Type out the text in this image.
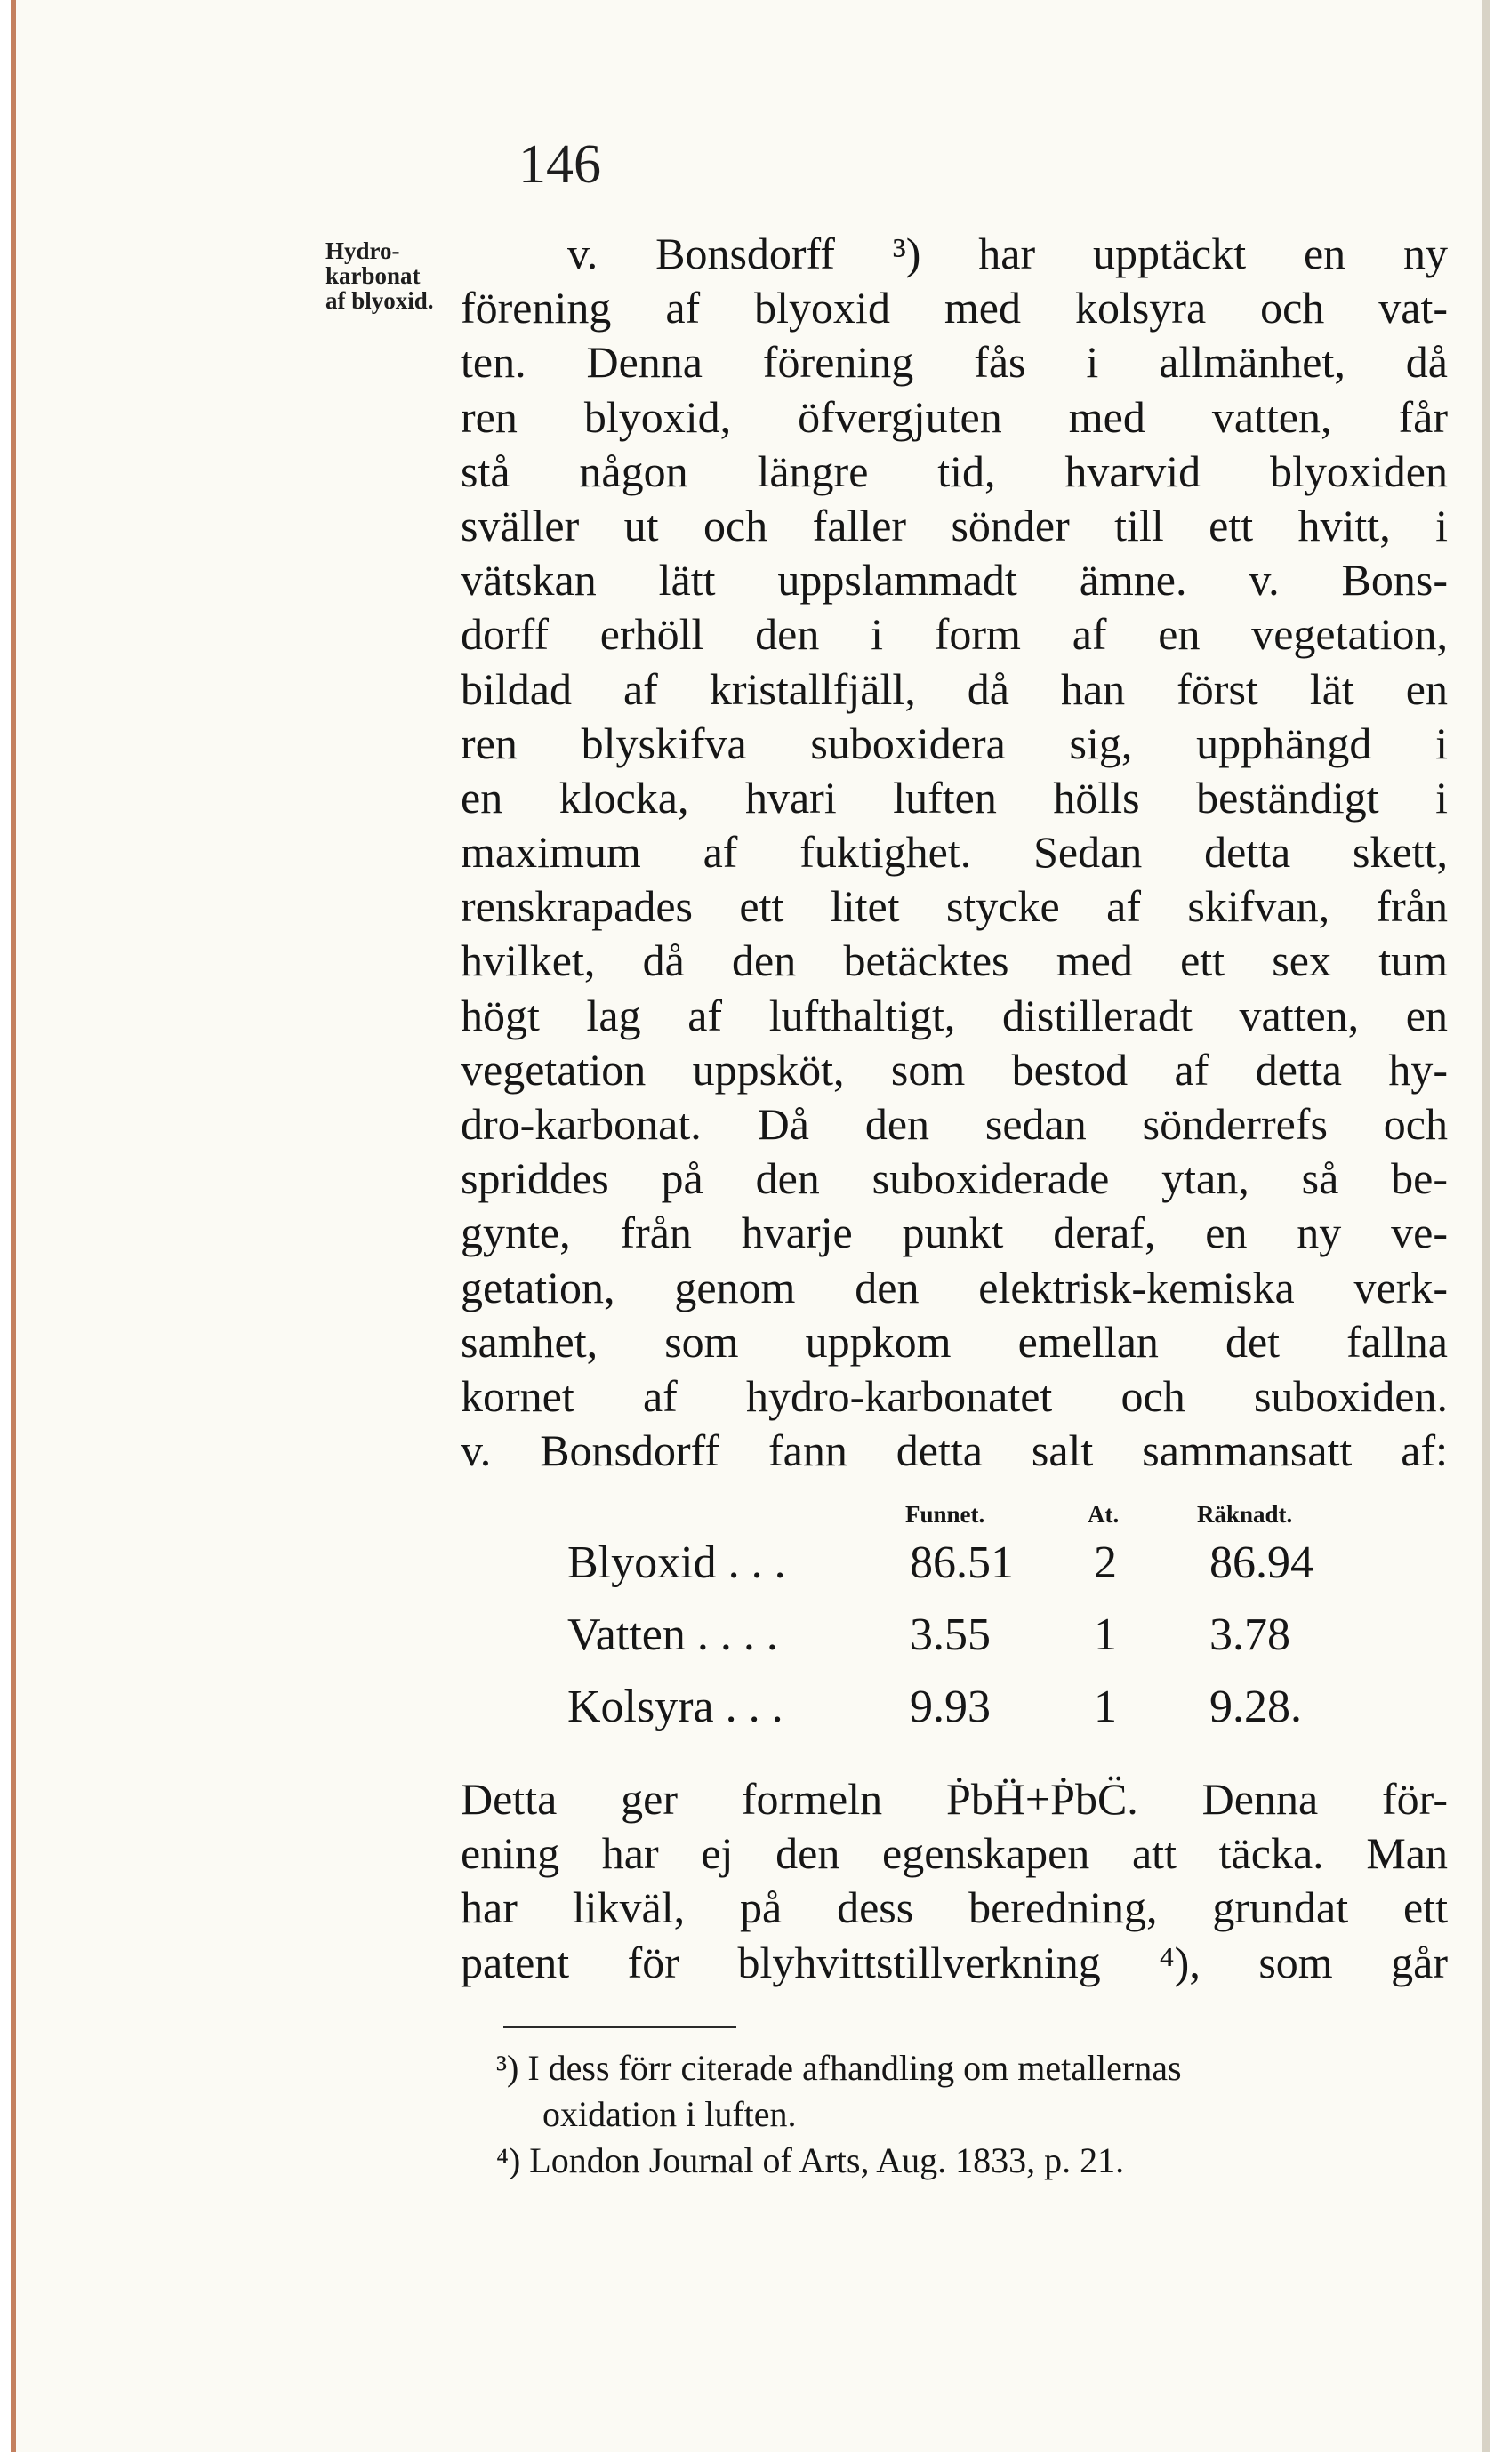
146
Hydro-
karbonat
af blyoxid.
v. Bonsdorff ³) har upptäckt en ny
förening af blyoxid med kolsyra och vat-
ten. Denna förening fås i allmänhet, då
ren blyoxid, öfvergjuten med vatten, får
stå någon längre tid, hvarvid blyoxiden
sväller ut och faller sönder till ett hvitt, i
vätskan lätt uppslammadt ämne. v. Bons-
dorff erhöll den i form af en vegetation,
bildad af kristallfjäll, då han först lät en
ren blyskifva suboxidera sig, upphängd i
en klocka, hvari luften hölls beständigt i
maximum af fuktighet. Sedan detta skett,
renskrapades ett litet stycke af skifvan, från
hvilket, då den betäcktes med ett sex tum
högt lag af lufthaltigt, distilleradt vatten, en
vegetation uppsköt, som bestod af detta hy-
dro-karbonat. Då den sedan sönderrefs och
spriddes på den suboxiderade ytan, så be-
gynte, från hvarje punkt deraf, en ny ve-
getation, genom den elektrisk-kemiska verk-
samhet, som uppkom emellan det fallna
kornet af hydro-karbonatet och suboxiden.
v. Bonsdorff fann detta salt sammansatt af:
Funnet.	At.	Räknadt.
Blyoxid . . .	86.51 2 86.94
Vatten . . . .	3.55 1 3.78
Kolsyra . . .	9.93 1 9.28.
Detta ger formeln ṖbḦ+ṖbC̈. Denna för-
ening har ej den egenskapen att täcka. Man
har likväl, på dess beredning, grundat ett
patent för blyhvittstillverkning ⁴), som går
³) I dess förr citerade afhandling om metallernas
oxidation i luften.
⁴) London Journal of Arts, Aug. 1833, p. 21.
